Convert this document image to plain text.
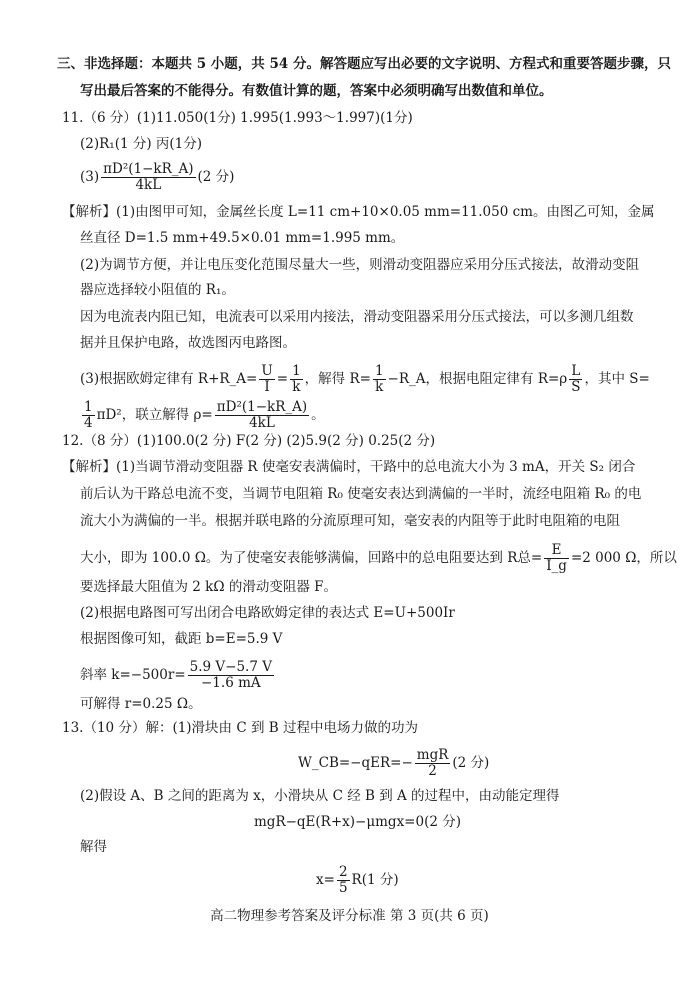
三、非选择题：本题共 5 小题，共 54 分。解答题应写出必要的文字说明、方程式和重要答题步骤，只
写出最后答案的不能得分。有数值计算的题，答案中必须明确写出数值和单位。
11.（6 分）(1)11.050(1分) 1.995(1.993～1.997)(1分)
(2)R₁(1 分) 丙(1分)
$(3) \frac{\text{πD²(1−kR\_A)}}{4kL} (2$ 分)
【解析】(1)由图甲可知，金属丝长度 L=11 cm+10×0.05 mm=11.050 cm。由图乙可知，金属
丝直径 D=1.5 mm+49.5×0.01 mm=1.995 mm。
(2)为调节方便，并让电压变化范围尽量大一些，则滑动变阻器应采用分压式接法，故滑动变阻
器应选择较小阻值的 R₁。
因为电流表内阻已知，电流表可以采用内接法，滑动变阻器采用分压式接法，可以多测几组数
据并且保护电路，故选图丙电路图。
(3)根据欧姆定律有 R+R_A= $\frac{U}{I} = \frac{1}{k}$ ，解得 $R= \frac{1}{k}$ −R_A，根据电阻定律有 $R=\rho \frac{L}{S}$ ，其中 S=
$\frac{1}{4} \pi D^2$，联立解得 $\rho= \frac{\text{πD²(1−kR\_A)}}{4kL}$ 。
12.（8 分）(1)100.0(2 分) F(2 分) (2)5.9(2 分) 0.25(2 分)
【解析】(1)当调节滑动变阻器 R 使毫安表满偏时，干路中的总电流大小为 3 mA，开关 S₂ 闭合
前后认为干路总电流不变，当调节电阻箱 R₀ 使毫安表达到满偏的一半时，流经电阻箱 R₀ 的电
流大小为满偏的一半。根据并联电路的分流原理可知，毫安表的内阻等于此时电阻箱的电阻
大小，即为 100.0 Ω。为了使毫安表能够满偏，回路中的总电阻要达到 R总= $\frac{E}{I\_g} =2$ 000 Ω，所以
要选择最大阻值为 2 kΩ 的滑动变阻器 F。
(2)根据电路图可写出闭合电路欧姆定律的表达式 E=U+500Ir
根据图像可知，截距 b=E=5.9 V
斜率 $k=-500r= \frac{5.9 V-5.7 V}{-1.6 mA}$
可解得 r=0.25 Ω。
13.（10 分）解：(1)滑块由 C 到 B 过程中电场力做的功为
W_CB=−qER=− $\frac{\text{mgR}}{2} (2$ 分)
(2)假设 A、B 之间的距离为 x，小滑块从 C 经 B 到 A 的过程中，由动能定理得
mgR−qE(R+x)−μmgx=0(2 分)
解得
$x= \frac{2}{5} R(1$ 分)
高二物理参考答案及评分标准 第 3 页(共 6 页)
